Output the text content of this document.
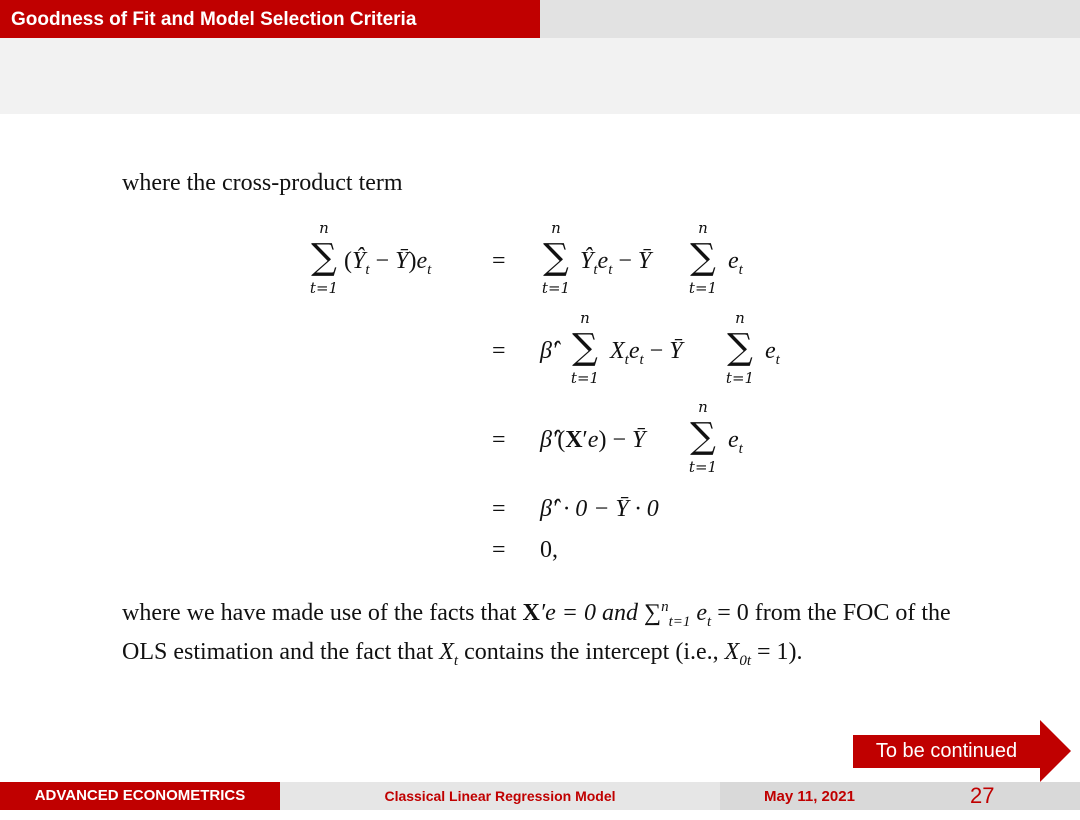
Goodness of Fit and Model Selection Criteria
where the cross-product term
n
∑
t=1
($Ŷ_t$ − $Ȳ)e_t$	=
n
∑
t=1
$Ŷ_te_t$ − Ȳ
n
∑
t=1
$e_t$
= β̂′
n
∑
t=1
$X_te_t$ − Ȳ
n
∑
t=1
$e_t$
= β̂′(X′e) − Ȳ
n
∑
t=1
$e_t$
= β̂′ · 0 − Ȳ · 0
= 0,
where we have made use of the facts that X′e = 0 and ∑$^n_{t=1}$ $e_t = 0$ from the FOC of the OLS estimation and the fact that $X_t$ contains the intercept (i.e., $X_{0t} = 1$).
To be continued
ADVANCED ECONOMETRICS	Classical Linear Regression Model	May 11, 2021	27
